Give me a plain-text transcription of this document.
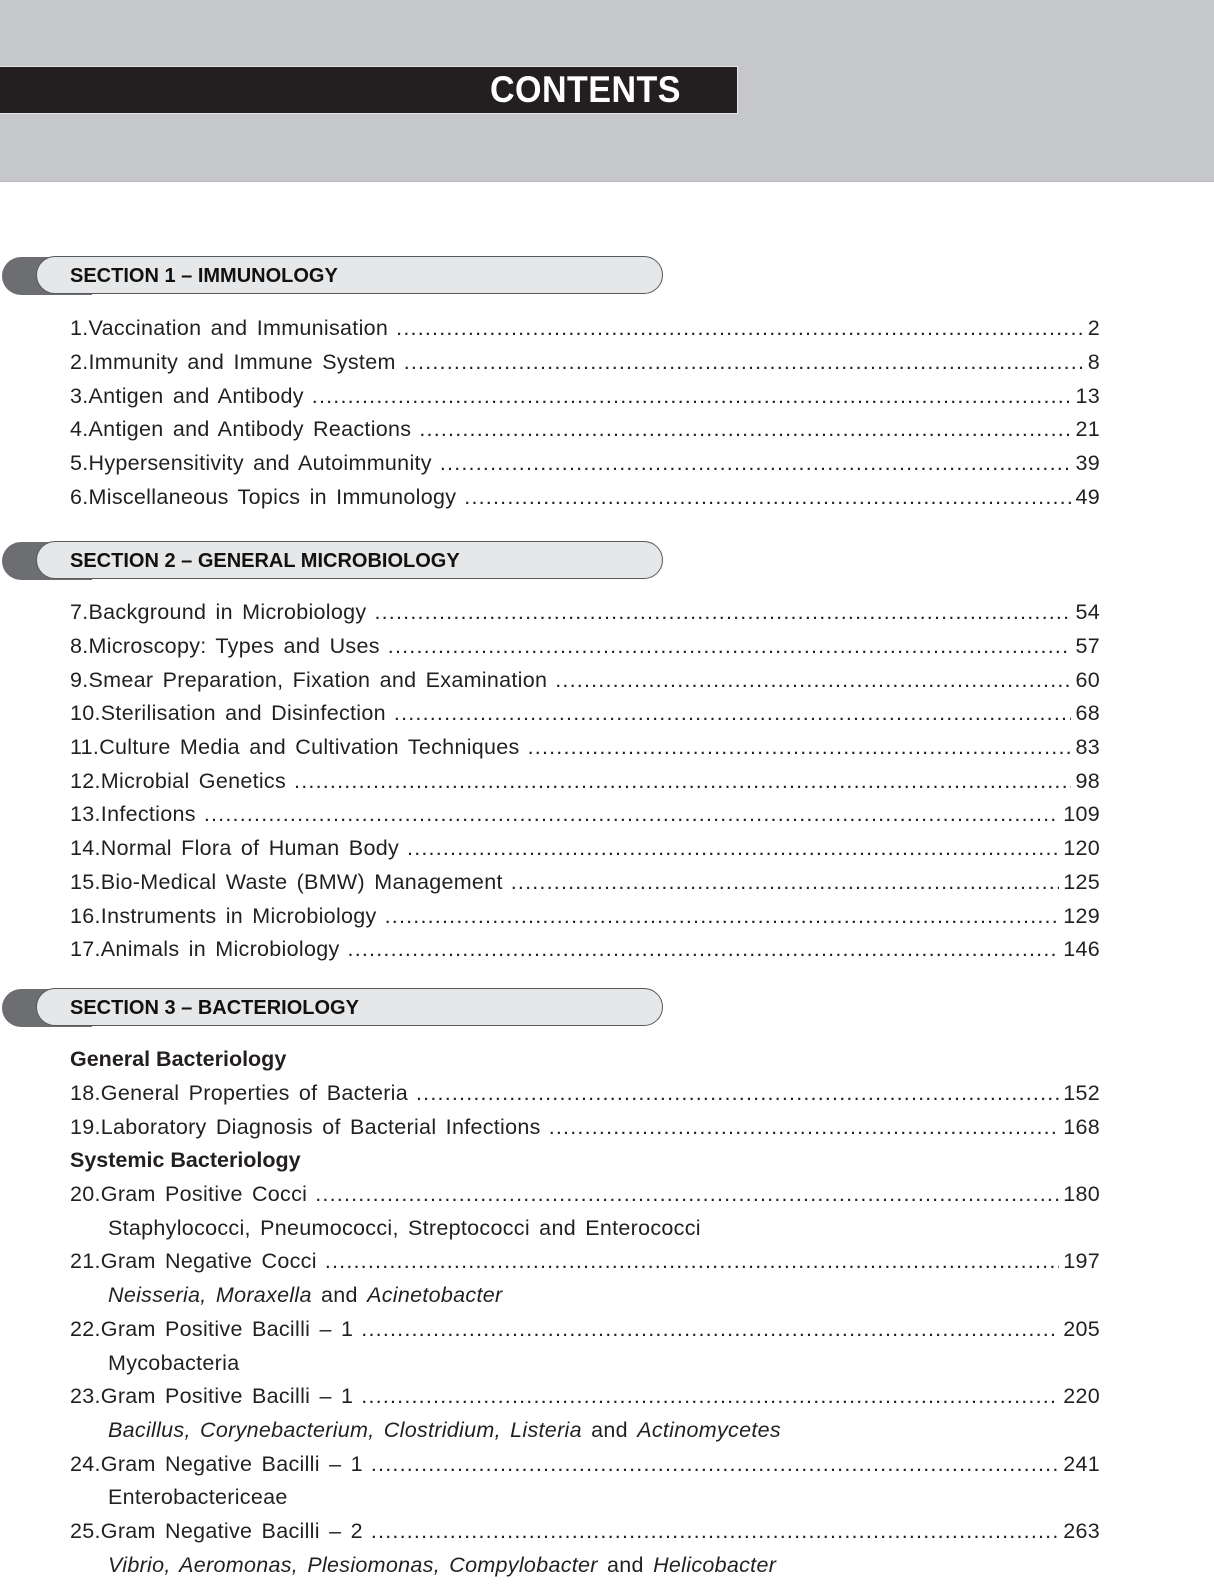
CONTENTS
SECTION 1 – IMMUNOLOGY
1. Vaccination and Immunisation .....	2
2. Immunity and Immune System .....	8
3. Antigen and Antibody .....	13
4. Antigen and Antibody Reactions .....	21
5. Hypersensitivity and Autoimmunity .....	39
6. Miscellaneous Topics in Immunology .....	49
SECTION 2 – GENERAL MICROBIOLOGY
7. Background in Microbiology .....	54
8. Microscopy: Types and Uses .....	57
9. Smear Preparation, Fixation and Examination .....	60
10. Sterilisation and Disinfection .....	68
11. Culture Media and Cultivation Techniques .....	83
12. Microbial Genetics .....	98
13. Infections .....	109
14. Normal Flora of Human Body .....	120
15. Bio-Medical Waste (BMW) Management .....	125
16. Instruments in Microbiology .....	129
17. Animals in Microbiology .....	146
SECTION 3 – BACTERIOLOGY
General Bacteriology
18. General Properties of Bacteria .....	152
19. Laboratory Diagnosis of Bacterial Infections .....	168
Systemic Bacteriology
20. Gram Positive Cocci .....	180
Staphylococci, Pneumococci, Streptococci and Enterococci
21. Gram Negative Cocci .....	197
Neisseria, Moraxella and Acinetobacter
22. Gram Positive Bacilli – 1 .....	205
Mycobacteria
23. Gram Positive Bacilli – 1 .....	220
Bacillus, Corynebacterium, Clostridium, Listeria and Actinomycetes
24. Gram Negative Bacilli – 1 .....	241
Enterobactericeae
25. Gram Negative Bacilli – 2 .....	263
Vibrio, Aeromonas, Plesiomonas, Compylobacter and Helicobacter
